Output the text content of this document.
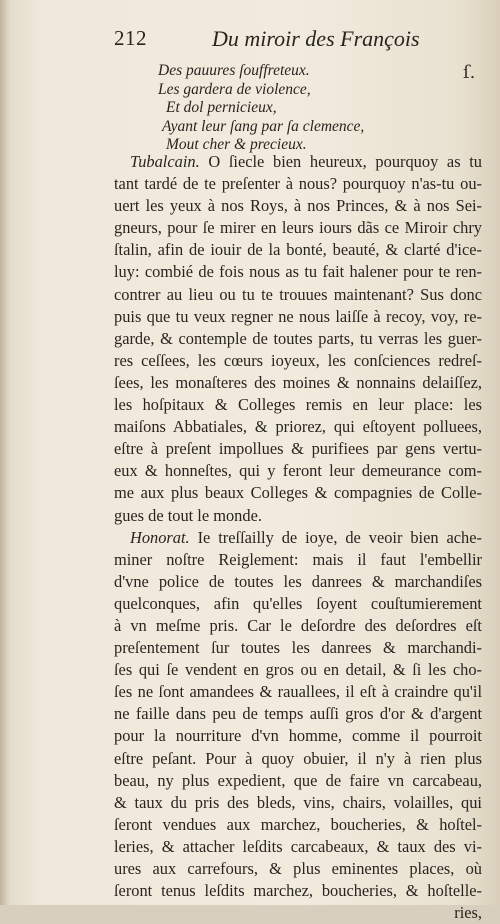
212	Du miroir des François
ſ.
Des pauures ſouffreteux.
Les gardera de violence,
Et dol pernicieux,
Ayant leur ſang par ſa clemence,
Mout cher & precieux.
Tubalcain. O ſiecle bien heureux, pourquoy as tu
tant tardé de te preſenter à nous? pourquoy n'as-tu ou-
uert les yeux à nos Roys, à nos Princes, & à nos Sei-
gneurs, pour ſe mirer en leurs iours dãs ce Miroir chry
ſtalin, afin de iouir de la bonté, beauté, & clarté d'ice-
luy: combié de fois nous as tu fait halener pour te ren-
contrer au lieu ou tu te trouues maintenant? Sus donc
puis que tu veux regner ne nous laiſſe à recoy, voy, re-
garde, & contemple de toutes parts, tu verras les guer-
res ceſſees, les cœurs ioyeux, les conſciences redreſ-
ſees, les monaſteres des moines & nonnains delaiſſez,
les hoſpitaux & Colleges remis en leur place: les
maiſons Abbatiales, & priorez, qui eſtoyent polluees,
eſtre à preſent impollues & purifiees par gens vertu-
eux & honneſtes, qui y feront leur demeurance com-
me aux plus beaux Colleges & compagnies de Colle-
gues de tout le monde.
Honorat. Ie treſſailly de ioye, de veoir bien ache-
miner noſtre Reiglement: mais il faut l'embellir
d'vne police de toutes les danrees & marchandiſes
quelconques, afin qu'elles ſoyent couſtumierement
à vn meſme pris. Car le deſordre des deſordres eſt
preſentement ſur toutes les danrees & marchandi-
ſes qui ſe vendent en gros ou en detail, & ſi les cho-
ſes ne ſont amandees & rauallees, il eſt à craindre qu'il
ne faille dans peu de temps auſſi gros d'or & d'argent
pour la nourriture d'vn homme, comme il pourroit
eſtre peſant. Pour à quoy obuier, il n'y à rien plus
beau, ny plus expedient, que de faire vn carcabeau,
& taux du pris des bleds, vins, chairs, volailles, qui
ſeront vendues aux marchez, boucheries, & hoſtel-
leries, & attacher leſdits carcabeaux, & taux des vi-
ures aux carrefours, & plus eminentes places, où
ſeront tenus leſdits marchez, boucheries, & hoſtelle-
ries,
